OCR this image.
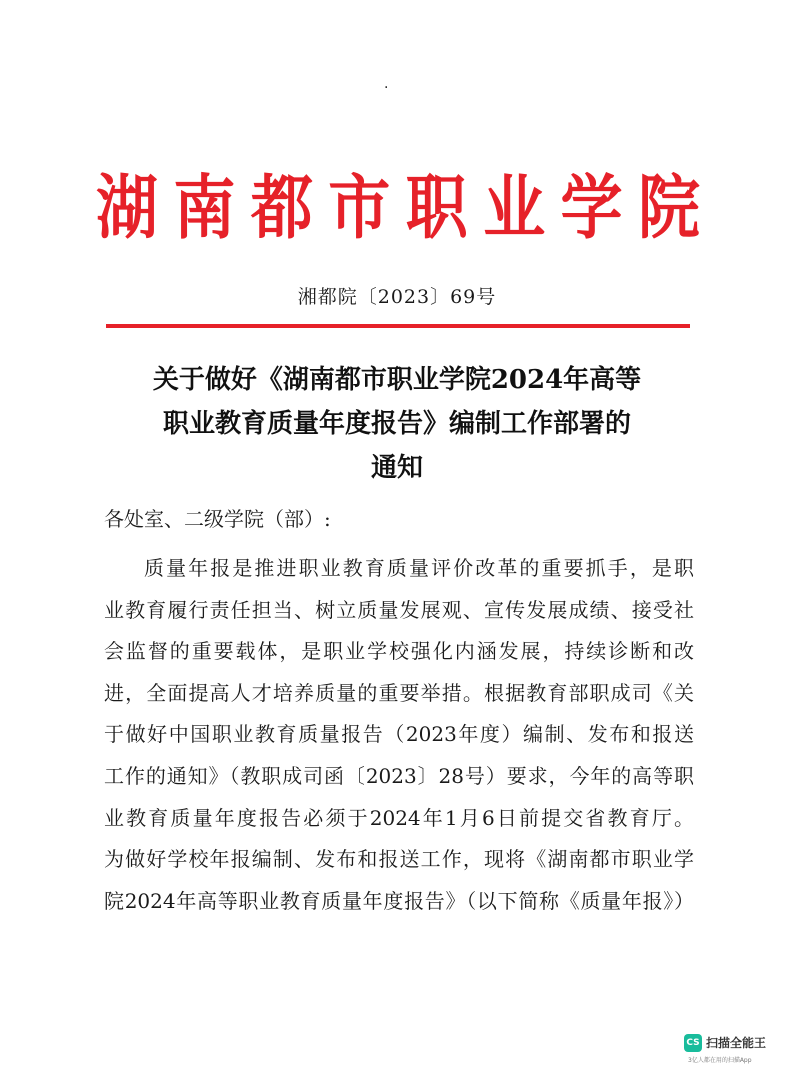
·
湖 南 都 市 职 业 学 院
湘都院〔2023〕69号
关于做好《湖南都市职业学院2024年高等
职业教育质量年度报告》编制工作部署的
通知
各处室、二级学院（部）:
质量年报是推进职业教育质量评价改革的重要抓手，是职
业教育履行责任担当、树立质量发展观、宣传发展成绩、接受社
会监督的重要载体，是职业学校强化内涵发展，持续诊断和改
进，全面提高人才培养质量的重要举措。根据教育部职成司《关
于做好中国职业教育质量报告（2023年度）编制、发布和报送
工作的通知》（教职成司函〔2023〕28号）要求，今年的高等职
业教育质量年度报告必须于2024年1月6日前提交省教育厅。
为做好学校年报编制、发布和报送工作，现将《湖南都市职业学
院2024年高等职业教育质量年度报告》（以下简称《质量年报》）
CS 扫描全能王
3亿人都在用的扫描App
